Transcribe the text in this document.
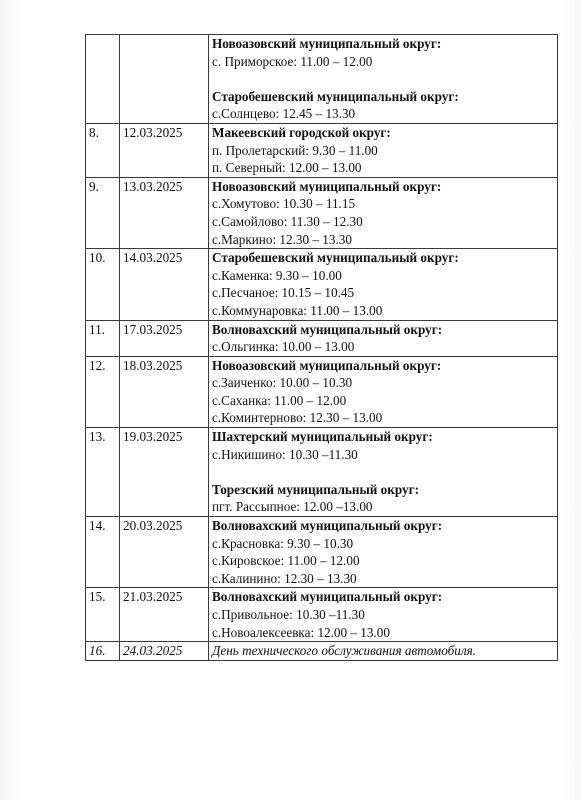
		Новоазовский муниципальный округ:
с. Приморское: 11.00 – 12.00
Старобешевский муниципальный округ:
с.Солнцево: 12.45 – 13.30

8.	12.03.2025	Макеевский городской округ:
п. Пролетарский: 9.30 – 11.00
п. Северный: 12.00 – 13.00

9.	13.03.2025	Новоазовский муниципальный округ:
с.Хомутово: 10.30 – 11.15
с.Самойлово: 11.30 – 12.30
с.Маркино: 12.30 – 13.30

10.	14.03.2025	Старобешевский муниципальный округ:
с.Каменка: 9.30 – 10.00
с.Песчаное: 10.15 – 10.45
с.Коммунаровка: 11.00 – 13.00

11.	17.03.2025	Волновахский муниципальный округ:
с.Ольгинка: 10.00 – 13.00

12.	18.03.2025	Новоазовский муниципальный округ:
с.Заиченко: 10.00 – 10.30
с.Саханка: 11.00 – 12.00
с.Коминтерново: 12.30 – 13.00

13.	19.03.2025	Шахтерский муниципальный округ:
с.Никишино: 10.30 –11.30
Торезский муниципальный округ:
пгт. Рассыпное: 12.00 –13.00

14.	20.03.2025	Волновахский муниципальный округ:
с.Красновка: 9.30 – 10.30
с.Кировское: 11.00 – 12.00
с.Калинино: 12.30 – 13.30

15.	21.03.2025	Волновахский муниципальный округ:
с.Привольное: 10.30 –11.30
с.Новоалексеевка: 12.00 – 13.00

16.	24.03.2025	День технического обслуживания автомобиля.
